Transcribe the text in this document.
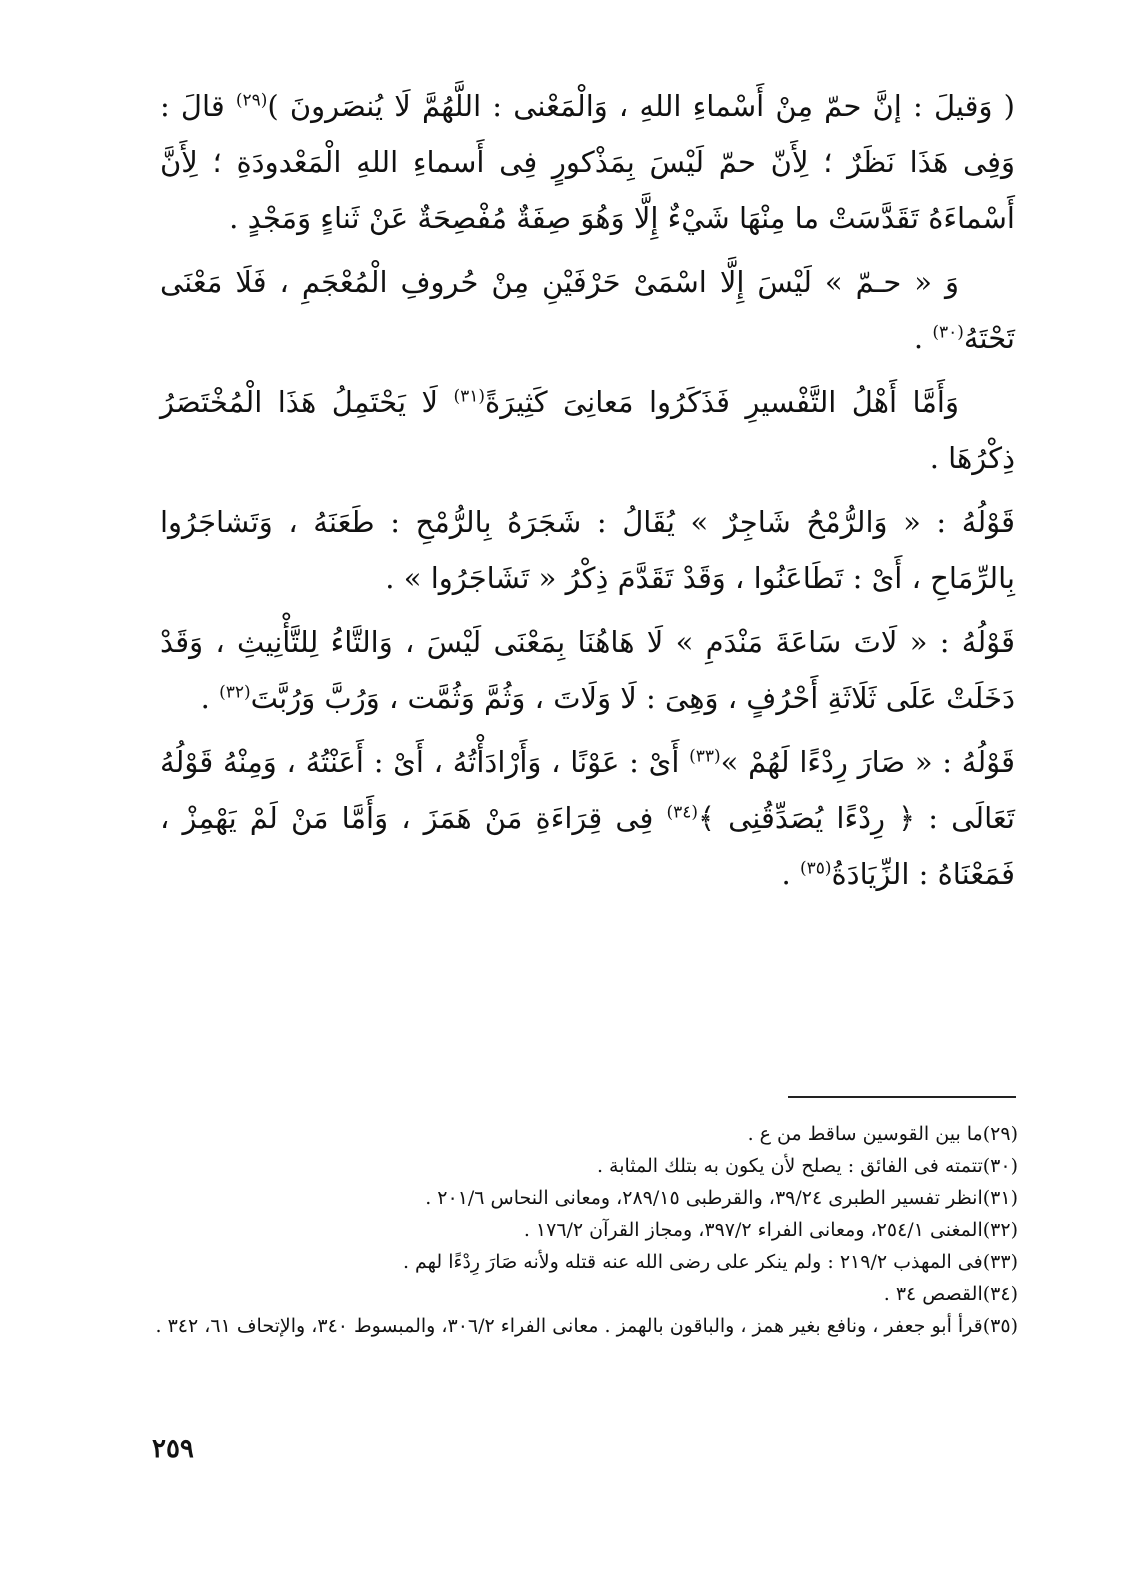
( وَقيلَ : إنَّ حمّ مِنْ أَسْماءِ اللهِ ، وَالْمَعْنى : اللَّهُمَّ لَا يُنصَرونَ )$^{(٢٩)}$ قالَ : وَفِى هَذَا نَظَرٌ ؛ لِأَنّ حمّ لَيْسَ بِمَذْكورٍ فِى أَسماءِ اللهِ الْمَعْدودَةِ ؛ لِأَنَّ أَسْماءَهُ تَقَدَّسَتْ ما مِنْهَا شَيْءٌ إِلَّا وَهُوَ صِفَةٌ مُفْصِحَةٌ عَنْ ثَناءٍ وَمَجْدٍ .

وَ « حـمّ » لَيْسَ إِلَّا اسْمَىْ حَرْفَيْنِ مِنْ حُروفِ الْمُعْجَمِ ، فَلَا مَعْنَى تَحْتَهُ$^{(٣٠)}$ .

وَأَمَّا أَهْلُ التَّفْسيرِ فَذَكَرُوا مَعانِىَ كَثِيرَةً$^{(٣١)}$ لَا يَحْتَمِلُ هَذَا الْمُخْتَصَرُ ذِكْرُهَا .

قَوْلُهُ : « وَالرُّمْحُ شَاجِرٌ » يُقَالُ : شَجَرَهُ بِالرُّمْحِ : طَعَنَهُ ، وَتَشاجَرُوا بِالرِّمَاحِ ، أَىْ : تَطَاعَنُوا ، وَقَدْ تَقَدَّمَ ذِكْرُ « تَشَاجَرُوا » .

قَوْلُهُ : « لَاتَ سَاعَةَ مَنْدَمِ » لَا هَاهُنَا بِمَعْنَى لَيْسَ ، وَالتَّاءُ لِلتَّأْنِيثِ ، وَقَدْ دَخَلَتْ عَلَى ثَلَاثَةِ أَحْرُفٍ ، وَهِىَ : لَا وَلَاتَ ، وَثُمَّ وَثُمَّت ، وَرُبَّ وَرُبَّتَ$^{(٣٢)}$ .

قَوْلُهُ : « صَارَ رِدْءًا لَهُمْ »$^{(٣٣)}$ أَىْ : عَوْنًا ، وَأَرْادَأْتُهُ ، أَىْ : أَعَنْتُهُ ، وَمِنْهُ قَوْلُهُ تَعَالَى : ﴿ رِدْءًا يُصَدِّقُنِى ﴾$^{(٣٤)}$ فِى قِرَاءَةِ مَنْ هَمَزَ ، وَأَمَّا مَنْ لَمْ يَهْمِزْ ، فَمَعْنَاهُ : الزِّيَادَةُ$^{(٣٥)}$ .

(٢٩)ما بين القوسين ساقط من ع .

(٣٠)تتمته فى الفائق : يصلح لأن يكون به بتلك المثابة .

(٣١)انظر تفسير الطبرى ٣٩/٢٤، والقرطبى ٢٨٩/١٥، ومعانى النحاس ٢٠١/٦ .

(٣٢)المغنى ٢٥٤/١، ومعانى الفراء ٣٩٧/٢، ومجاز القرآن ١٧٦/٢ .

(٣٣)فى المهذب ٢١٩/٢ : ولم ينكر على رضى الله عنه قتله ولأنه صَارَ رِدْءًا لهم .

(٣٤)القصص ٣٤ .

(٣٥)قرأ أبو جعفر ، ونافع بغير همز ، والباقون بالهمز . معانى الفراء ٣٠٦/٢، والمبسوط ٣٤٠، والإتحاف ٦١، ٣٤٢ .

٢٥٩
